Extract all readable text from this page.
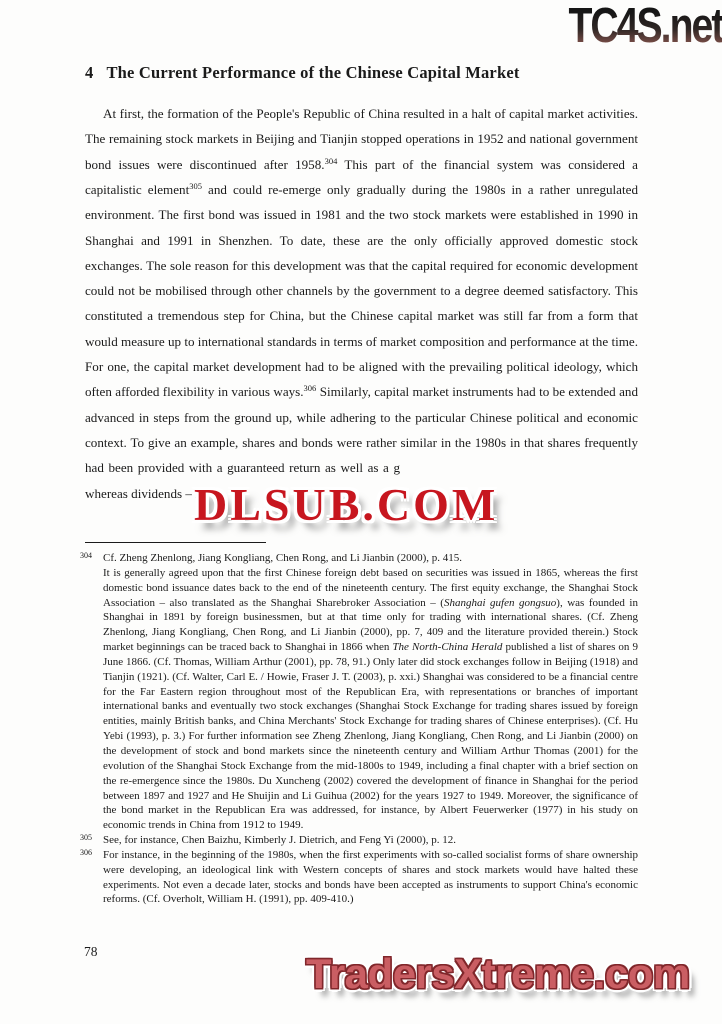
TC4S.net
4 The Current Performance of the Chinese Capital Market

At first, the formation of the People's Republic of China resulted in a halt of capital market activities. The remaining stock markets in Beijing and Tianjin stopped operations in 1952 and national government bond issues were discontinued after 1958.$^{304}$ This part of the financial system was considered a capitalistic element$^{305}$ and could re-emerge only gradually during the 1980s in a rather unregulated environment. The first bond was issued in 1981 and the two stock markets were established in 1990 in Shanghai and 1991 in Shenzhen. To date, these are the only officially approved domestic stock exchanges. The sole reason for this development was that the capital required for economic development could not be mobilised through other channels by the government to a degree deemed satisfactory. This constituted a tremendous step for China, but the Chinese capital market was still far from a form that would measure up to international standards in terms of market composition and performance at the time. For one, the capital market development had to be aligned with the prevailing political ideology, which often afforded flexibility in various ways.$^{306}$ Similarly, capital market instruments had to be extended and advanced in steps from the ground up, while adhering to the particular Chinese political and economic context. To give an example, shares and bonds were rather similar in the 1980s in that shares frequently had been provided with a guaranteed return as well as a gwhereas dividends – if

DLSUB.COM
304 Cf. Zheng Zhenlong, Jiang Kongliang, Chen Rong, and Li Jianbin (2000), p. 415.
It is generally agreed upon that the first Chinese foreign debt based on securities was issued in 1865, whereas the first domestic bond issuance dates back to the end of the nineteenth century. The first equity exchange, the Shanghai Stock Association – also translated as the Shanghai Sharebroker Association – (Shanghai gufen gongsuo), was founded in Shanghai in 1891 by foreign businessmen, but at that time only for trading with international shares. (Cf. Zheng Zhenlong, Jiang Kongliang, Chen Rong, and Li Jianbin (2000), pp. 7, 409 and the literature provided therein.) Stock market beginnings can be traced back to Shanghai in 1866 when The North-China Herald published a list of shares on 9 June 1866. (Cf. Thomas, William Arthur (2001), pp. 78, 91.) Only later did stock exchanges follow in Beijing (1918) and Tianjin (1921). (Cf. Walter, Carl E. / Howie, Fraser J. T. (2003), p. xxi.) Shanghai was considered to be a financial centre for the Far Eastern region throughout most of the Republican Era, with representations or branches of important international banks and eventually two stock exchanges (Shanghai Stock Exchange for trading shares issued by foreign entities, mainly British banks, and China Merchants' Stock Exchange for trading shares of Chinese enterprises). (Cf. Hu Yebi (1993), p. 3.) For further information see Zheng Zhenlong, Jiang Kongliang, Chen Rong, and Li Jianbin (2000) on the development of stock and bond markets since the nineteenth century and William Arthur Thomas (2001) for the evolution of the Shanghai Stock Exchange from the mid-1800s to 1949, including a final chapter with a brief section on the re-emergence since the 1980s. Du Xuncheng (2002) covered the development of finance in Shanghai for the period between 1897 and 1927 and He Shuijin and Li Guihua (2002) for the years 1927 to 1949. Moreover, the significance of the bond market in the Republican Era was addressed, for instance, by Albert Feuerwerker (1977) in his study on economic trends in China from 1912 to 1949.
305 See, for instance, Chen Baizhu, Kimberly J. Dietrich, and Feng Yi (2000), p. 12.
306 For instance, in the beginning of the 1980s, when the first experiments with so-called socialist forms of share ownership were developing, an ideological link with Western concepts of shares and stock markets would have halted these experiments. Not even a decade later, stocks and bonds have been accepted as instruments to support China's economic reforms. (Cf. Overholt, William H. (1991), pp. 409-410.)
78	TradersXtreme.com
